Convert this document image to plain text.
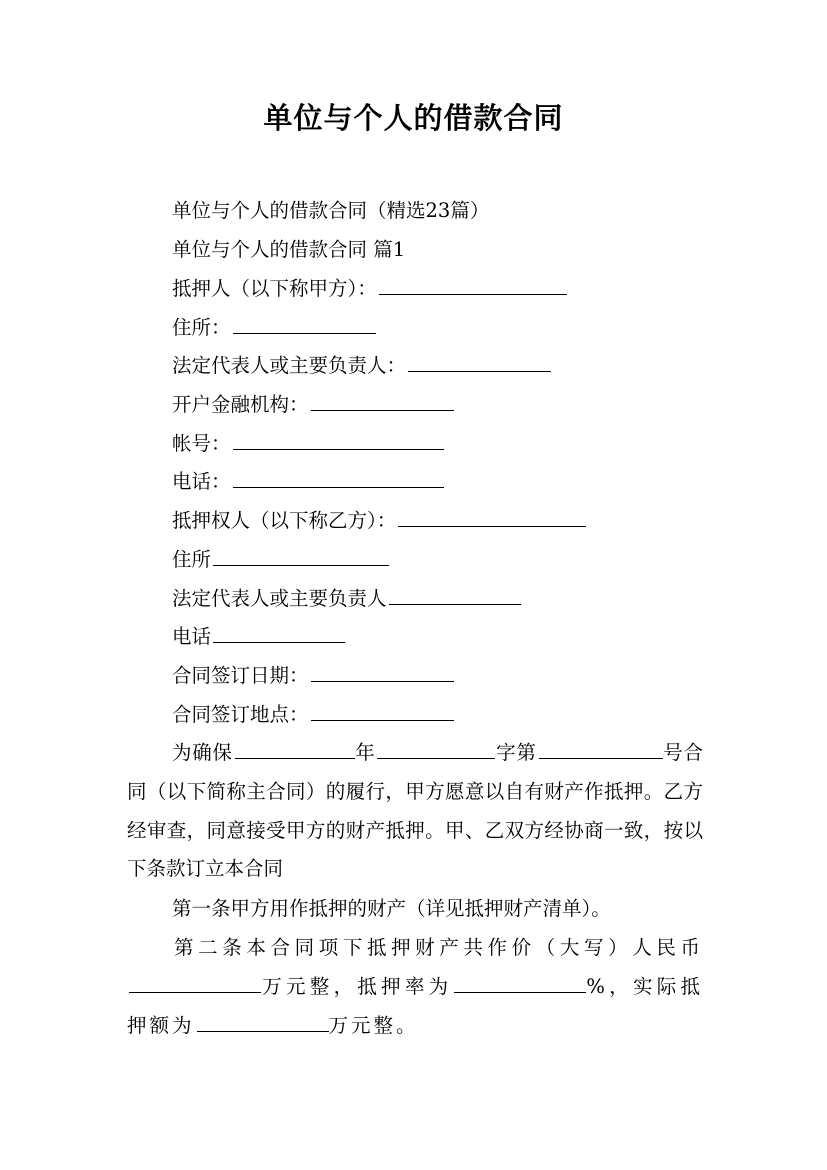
单位与个人的借款合同
单位与个人的借款合同（精选23篇）
单位与个人的借款合同 篇1
抵押人（以下称甲方）：
住所：
法定代表人或主要负责人：
开户金融机构：
帐号：
电话：
抵押权人（以下称乙方）：
住所
法定代表人或主要负责人
电话
合同签订日期：
合同签订地点：
为确保	年	字第	号合同（以下简称主合同）的履行，甲方愿意以自有财产作抵押。乙方经审查，同意接受甲方的财产抵押。甲、乙双方经协商一致，按以下条款订立本合同
第一条甲方用作抵押的财产（详见抵押财产清单）。
第二条本合同项下抵押财产共作价（大写）人民币万元整，抵押率为	%，实际抵押额为	万元整。
